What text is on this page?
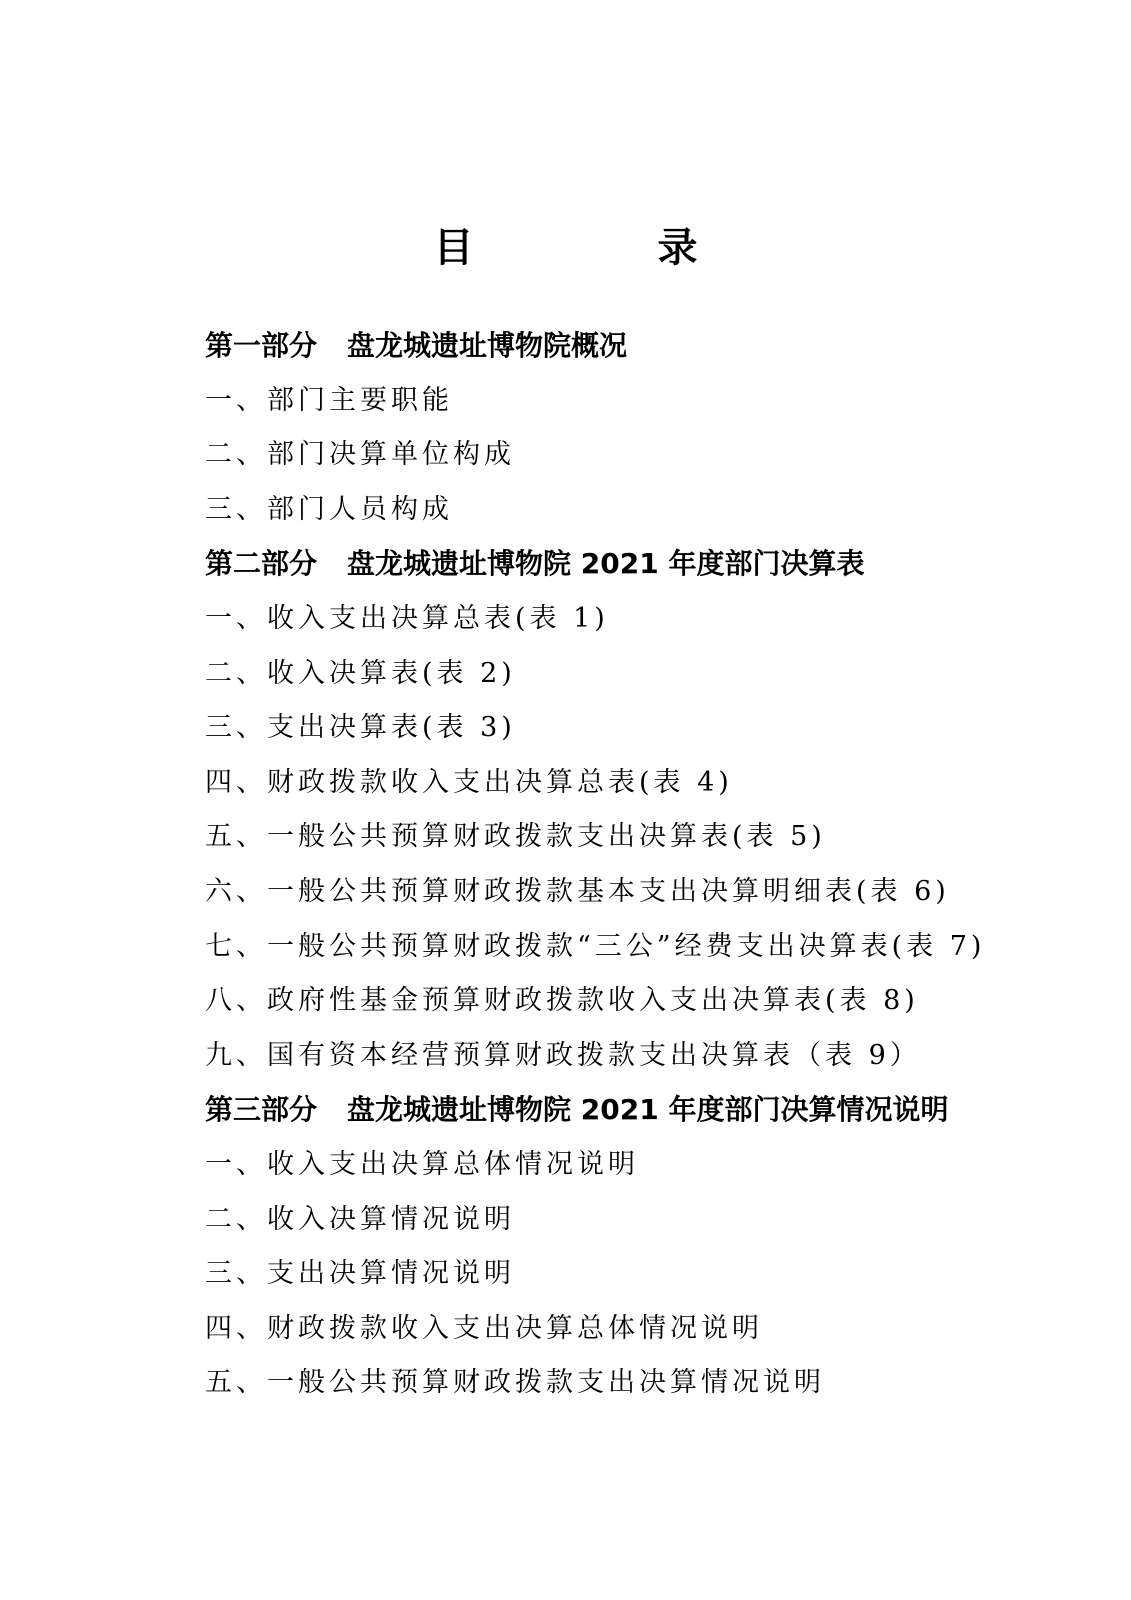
目　录
第一部分 盘龙城遗址博物院概况
一、部门主要职能
二、部门决算单位构成
三、部门人员构成
第二部分 盘龙城遗址博物院 2021 年度部门决算表
一、收入支出决算总表(表 1)
二、收入决算表(表 2)
三、支出决算表(表 3)
四、财政拨款收入支出决算总表(表 4)
五、一般公共预算财政拨款支出决算表(表 5)
六、一般公共预算财政拨款基本支出决算明细表(表 6)
七、一般公共预算财政拨款“三公”经费支出决算表(表 7)
八、政府性基金预算财政拨款收入支出决算表(表 8)
九、国有资本经营预算财政拨款支出决算表（表 9）
第三部分 盘龙城遗址博物院 2021 年度部门决算情况说明
一、收入支出决算总体情况说明
二、收入决算情况说明
三、支出决算情况说明
四、财政拨款收入支出决算总体情况说明
五、一般公共预算财政拨款支出决算情况说明
